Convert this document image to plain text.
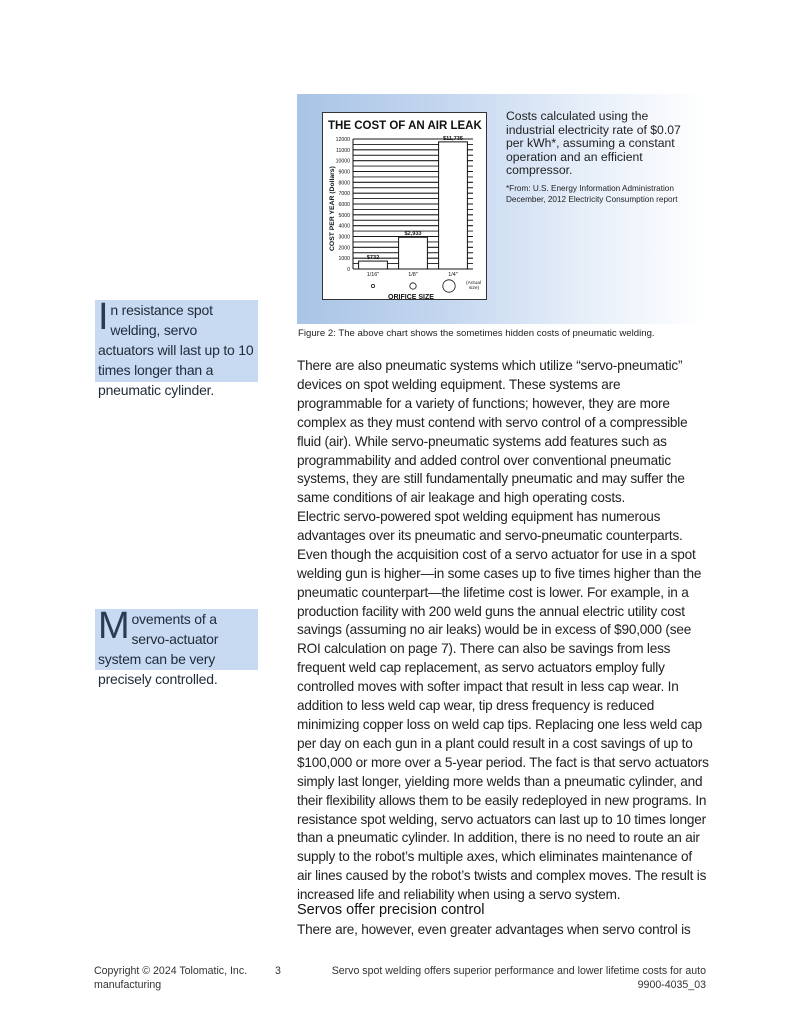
THE COST OF AN AIR LEAK
COST PER YEAR (Dollars)
ORIFICE SIZE
0
1000
2000
3000
4000
5000
6000
7000
8000
9000
10000
11000
12000
$732
1/16"
$2,933
1/8"
$11,735
1/4"
(Actual
size)
Costs calculated using the industrial electricity rate of $0.07 per kWh*, assuming a constant operation and an efficient compressor.
*From: U.S. Energy Information Administration December, 2012 Electricity Consumption report
Figure 2: The above chart shows the sometimes hidden costs of pneumatic welding.
In resistance spot welding, servo actuators will last up to 10 times longer than a pneumatic cylinder.
Movements of a servo-actuator system can be very precisely controlled.

There are also pneumatic systems which utilize “servo-pneumatic” devices on spot welding equipment. These systems are programmable for a variety of functions; however, they are more complex as they must contend with servo control of a compressible fluid (air). While servo-pneumatic systems add features such as programmability and added control over conventional pneumatic systems, they are still fundamentally pneumatic and may suffer the same conditions of air leakage and high operating costs.

Electric servo-powered spot welding equipment has numerous advantages over its pneumatic and servo-pneumatic counterparts. Even though the acquisition cost of a servo actuator for use in a spot welding gun is higher—in some cases up to five times higher than the pneumatic counterpart—the lifetime cost is lower. For example, in a production facility with 200 weld guns the annual electric utility cost savings (assuming no air leaks) would be in excess of $90,000 (see ROI calculation on page 7). There can also be savings from less frequent weld cap replacement, as servo actuators employ fully controlled moves with softer impact that result in less cap wear. In addition to less weld cap wear, tip dress frequency is reduced minimizing copper loss on weld cap tips. Replacing one less weld cap per day on each gun in a plant could result in a cost savings of up to $100,000 or more over a 5-year period. The fact is that servo actuators simply last longer, yielding more welds than a pneumatic cylinder, and their flexibility allows them to be easily redeployed in new programs. In resistance spot welding, servo actuators can last up to 10 times longer than a pneumatic cylinder. In addition, there is no need to route an air supply to the robot’s multiple axes, which eliminates maintenance of air lines caused by the robot’s twists and complex moves. The result is increased life and reliability when using a servo system.

Servos offer precision control

There are, however, even greater advantages when servo control is

Copyright © 2024 Tolomatic, Inc. manufacturing
3	Servo spot welding offers superior performance and lower lifetime costs for auto
9900-4035_03
